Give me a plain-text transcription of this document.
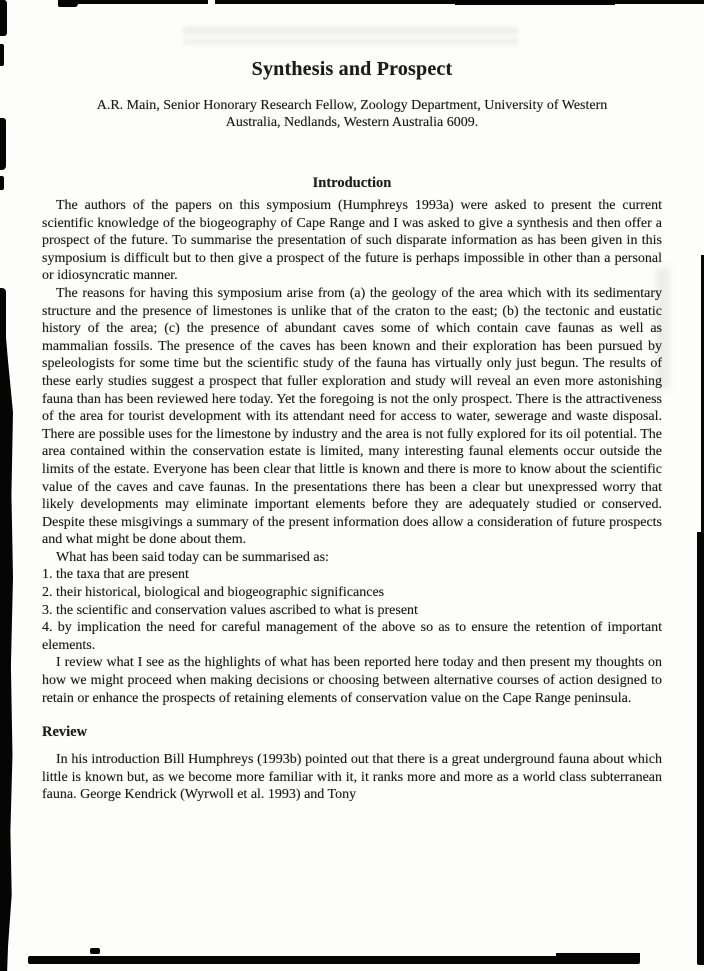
Synthesis and Prospect

A.R. Main, Senior Honorary Research Fellow, Zoology Department, University of Western Australia, Nedlands, Western Australia 6009.

Introduction

The authors of the papers on this symposium (Humphreys 1993a) were asked to present the current scientific knowledge of the biogeography of Cape Range and I was asked to give a synthesis and then offer a prospect of the future. To summarise the presentation of such disparate information as has been given in this symposium is difficult but to then give a prospect of the future is perhaps impossible in other than a personal or idiosyncratic manner.

The reasons for having this symposium arise from (a) the geology of the area which with its sedimentary structure and the presence of limestones is unlike that of the craton to the east; (b) the tectonic and eustatic history of the area; (c) the presence of abundant caves some of which contain cave faunas as well as mammalian fossils. The presence of the caves has been known and their exploration has been pursued by speleologists for some time but the scientific study of the fauna has virtually only just begun. The results of these early studies suggest a prospect that fuller exploration and study will reveal an even more astonishing fauna than has been reviewed here today. Yet the foregoing is not the only prospect. There is the attractiveness of the area for tourist development with its attendant need for access to water, sewerage and waste disposal. There are possible uses for the limestone by industry and the area is not fully explored for its oil potential. The area contained within the conservation estate is limited, many interesting faunal elements occur outside the limits of the estate. Everyone has been clear that little is known and there is more to know about the scientific value of the caves and cave faunas. In the presentations there has been a clear but unexpressed worry that likely developments may eliminate important elements before they are adequately studied or conserved. Despite these misgivings a summary of the present information does allow a consideration of future prospects and what might be done about them.

What has been said today can be summarised as:

1. the taxa that are present

2. their historical, biological and biogeographic significances

3. the scientific and conservation values ascribed to what is present

4. by implication the need for careful management of the above so as to ensure the retention of important elements.

I review what I see as the highlights of what has been reported here today and then present my thoughts on how we might proceed when making decisions or choosing between alternative courses of action designed to retain or enhance the prospects of retaining elements of conservation value on the Cape Range peninsula.

Review

In his introduction Bill Humphreys (1993b) pointed out that there is a great underground fauna about which little is known but, as we become more familiar with it, it ranks more and more as a world class subterranean fauna. George Kendrick (Wyrwoll et al. 1993) and Tony
